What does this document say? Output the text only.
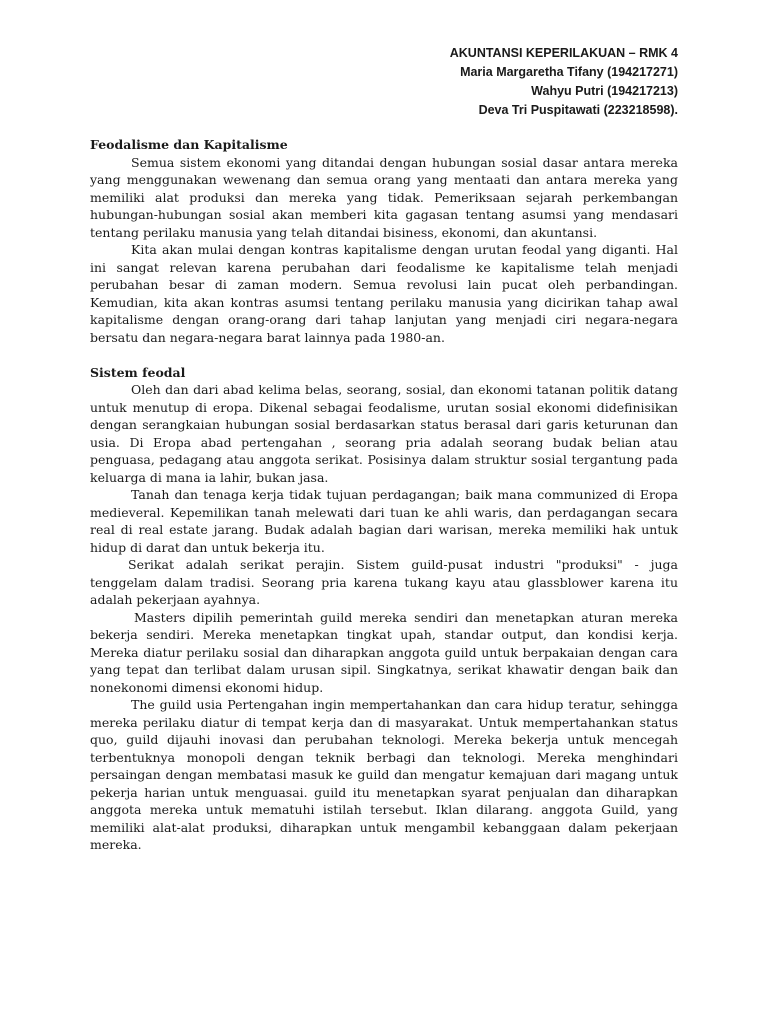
AKUNTANSI KEPERILAKUAN – RMK 4
Maria Margaretha Tifany (194217271)
Wahyu Putri (194217213)
Deva Tri Puspitawati (223218598).
Feodalisme dan Kapitalisme

Semua sistem ekonomi yang ditandai dengan hubungan sosial dasar antara mereka yang menggunakan wewenang dan semua orang yang mentaati dan antara mereka yang memiliki alat produksi dan mereka yang tidak. Pemeriksaan sejarah perkembangan hubungan-hubungan sosial akan memberi kita gagasan tentang asumsi yang mendasari tentang perilaku manusia yang telah ditandai bisiness, ekonomi, dan akuntansi.

Kita akan mulai dengan kontras kapitalisme dengan urutan feodal yang diganti. Hal ini sangat relevan karena perubahan dari feodalisme ke kapitalisme telah menjadi perubahan besar di zaman modern. Semua revolusi lain pucat oleh perbandingan. Kemudian, kita akan kontras asumsi tentang perilaku manusia yang dicirikan tahap awal kapitalisme dengan orang-orang dari tahap lanjutan yang menjadi ciri negara-negara bersatu dan negara-negara barat lainnya pada 1980-an.

Sistem feodal

Oleh dan dari abad kelima belas, seorang, sosial, dan ekonomi tatanan politik datang untuk menutup di eropa. Dikenal sebagai feodalisme, urutan sosial ekonomi didefinisikan dengan serangkaian hubungan sosial berdasarkan status berasal dari garis keturunan dan usia. Di Eropa abad pertengahan , seorang pria adalah seorang budak belian atau penguasa, pedagang atau anggota serikat. Posisinya dalam struktur sosial tergantung pada keluarga di mana ia lahir, bukan jasa.

Tanah dan tenaga kerja tidak tujuan perdagangan; baik mana communized di Eropa medieveral. Kepemilikan tanah melewati dari tuan ke ahli waris, dan perdagangan secara real di real estate jarang. Budak adalah bagian dari warisan, mereka memiliki hak untuk hidup di darat dan untuk bekerja itu.

Serikat adalah serikat perajin. Sistem guild-pusat industri "produksi" - juga tenggelam dalam tradisi. Seorang pria karena tukang kayu atau glassblower karena itu adalah pekerjaan ayahnya.

Masters dipilih pemerintah guild mereka sendiri dan menetapkan aturan mereka bekerja sendiri. Mereka menetapkan tingkat upah, standar output, dan kondisi kerja. Mereka diatur perilaku sosial dan diharapkan anggota guild untuk berpakaian dengan cara yang tepat dan terlibat dalam urusan sipil. Singkatnya, serikat khawatir dengan baik dan nonekonomi dimensi ekonomi hidup.

The guild usia Pertengahan ingin mempertahankan dan cara hidup teratur, sehingga mereka perilaku diatur di tempat kerja dan di masyarakat. Untuk mempertahankan status quo, guild dijauhi inovasi dan perubahan teknologi. Mereka bekerja untuk mencegah terbentuknya monopoli dengan teknik berbagi dan teknologi. Mereka menghindari persaingan dengan membatasi masuk ke guild dan mengatur kemajuan dari magang untuk pekerja harian untuk menguasai. guild itu menetapkan syarat penjualan dan diharapkan anggota mereka untuk mematuhi istilah tersebut. Iklan dilarang. anggota Guild, yang memiliki alat-alat produksi, diharapkan untuk mengambil kebanggaan dalam pekerjaan mereka.
